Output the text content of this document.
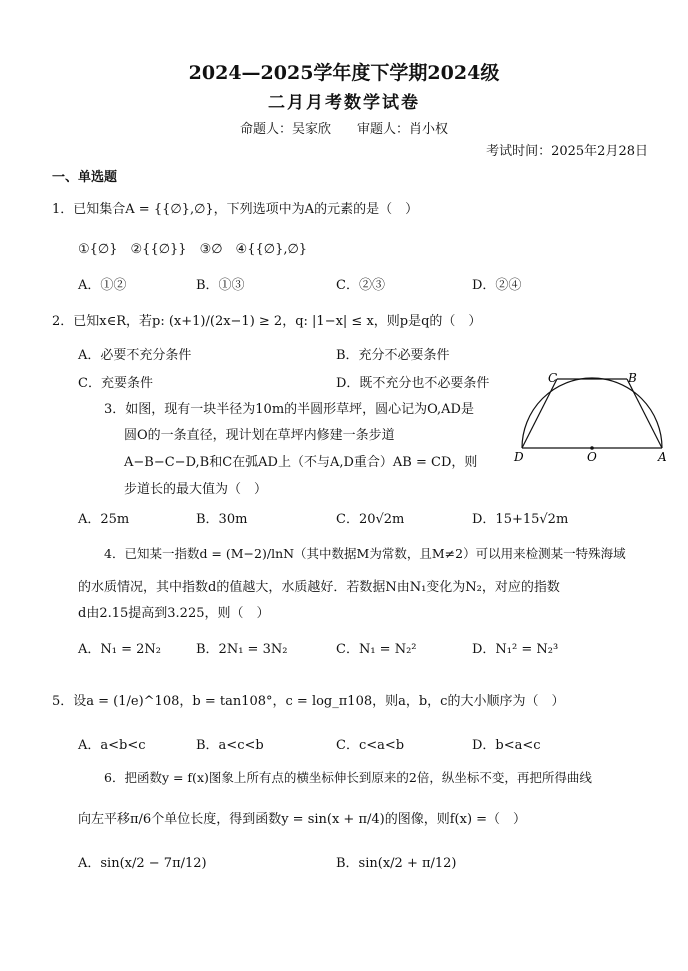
2024—2025学年度下学期2024级
二月月考数学试卷
命题人：吴家欣　　审题人：肖小权
考试时间：2025年2月28日
一、单选题
1．已知集合A = {{∅},∅}，下列选项中为A的元素的是（　）
①{∅}　②{{∅}}　③∅　④{{∅},∅}
A．①②	B．①③	C．②③	D．②④
2．已知x∈R，若p: (x+1)/(2x−1) ≥ 2，q: |1−x| ≤ x，则p是q的（　）
A．必要不充分条件	B．充分不必要条件
C．充要条件	D．既不充分也不必要条件
3．如图，现有一块半径为10m的半圆形草坪，圆心记为O,AD是
圆O的一条直径，现计划在草坪内修建一条步道
A−B−C−D,B和C在弧AD上（不与A,D重合）AB = CD，则
步道长的最大值为（　）
C	B
D	O	A
A．25m	B．30m	C．20√2m	D．15+15√2m
4．已知某一指数d = (M−2)/lnN（其中数据M为常数，且M≠2）可以用来检测某一特殊海域
的水质情况，其中指数d的值越大，水质越好．若数据N由N₁变化为N₂，对应的指数
d由2.15提高到3.225，则（　）
A．N₁ = 2N₂	B．2N₁ = 3N₂	C．N₁ = N₂²	D．N₁² = N₂³
5．设a = (1/e)^108，b = tan108°，c = log_π108，则a，b，c的大小顺序为（　）
A．a<b<c	B．a<c<b	C．c<a<b	D．b<a<c
6．把函数y = f(x)图象上所有点的横坐标伸长到原来的2倍，纵坐标不变，再把所得曲线
向左平移π/6个单位长度，得到函数y = sin(x + π/4)的图像，则f(x) =（　）
A．sin(x/2 − 7π/12)	B．sin(x/2 + π/12)
